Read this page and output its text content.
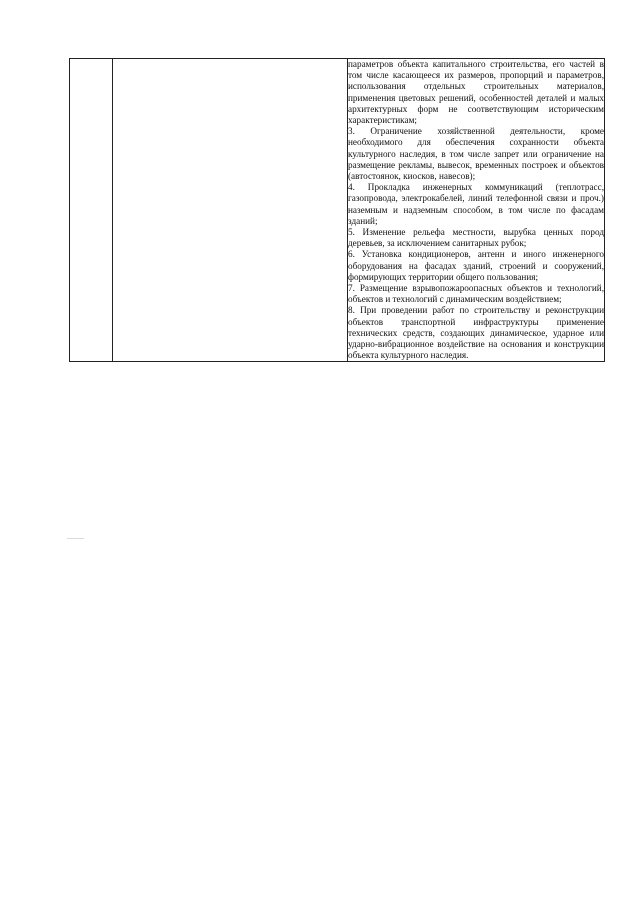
параметров объекта капитального строительства, его частей в том числе касающееся их размеров, пропорций и параметров, использования отдельных строительных материалов, применения цветовых решений, особенностей деталей и малых архитектурных форм не соответствующим историческим характеристикам;

3. Ограничение хозяйственной деятельности, кроме необходимого для обеспечения сохранности объекта культурного наследия, в том числе запрет или ограничение на размещение рекламы, вывесок, временных построек и объектов (автостоянок, киосков, навесов);

4. Прокладка инженерных коммуникаций (теплотрасс, газопровода, электрокабелей, линий телефонной связи и проч.) наземным и надземным способом, в том числе по фасадам зданий;

5. Изменение рельефа местности, вырубка ценных пород деревьев, за исключением санитарных рубок;

6. Установка кондиционеров, антенн и иного инженерного оборудования на фасадах зданий, строений и сооружений, формирующих территории общего пользования;

7. Размещение взрывопожароопасных объектов и технологий, объектов и технологий с динамическим воздействием;

8. При проведении работ по строительству и реконструкции объектов транспортной инфраструктуры применение технических средств, создающих динамическое, ударное или ударно-вибрационное воздействие на основания и конструкции объекта культурного наследия.

────────
